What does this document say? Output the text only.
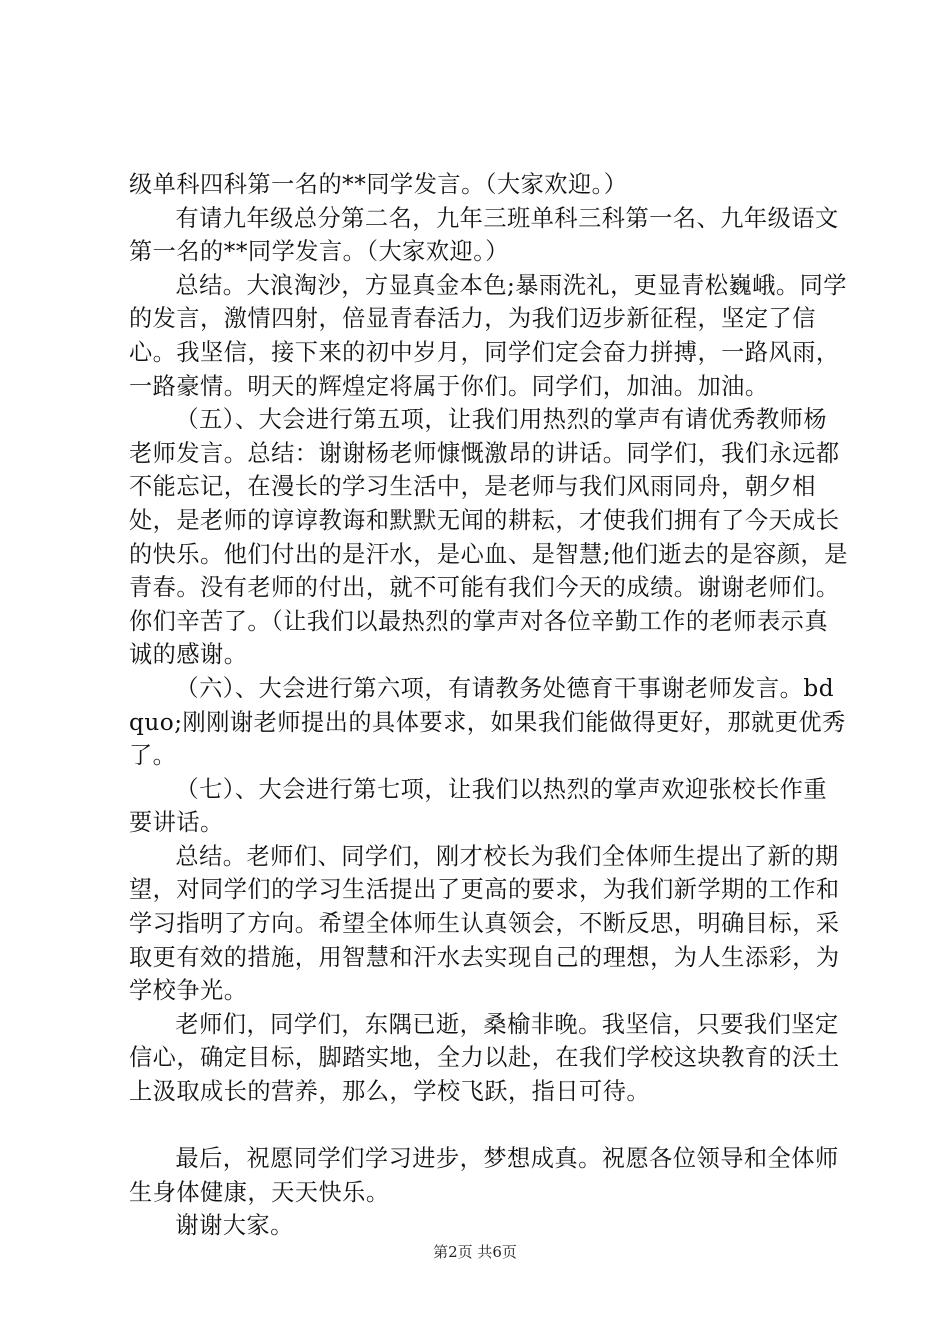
级单科四科第一名的**同学发言。（大家欢迎。）

有请九年级总分第二名，九年三班单科三科第一名、九年级语文第一名的**同学发言。（大家欢迎。）

总结。大浪淘沙，方显真金本色;暴雨洗礼，更显青松巍峨。同学的发言，激情四射，倍显青春活力，为我们迈步新征程，坚定了信心。我坚信，接下来的初中岁月，同学们定会奋力拼搏，一路风雨，一路豪情。明天的辉煌定将属于你们。同学们，加油。加油。

（五）、大会进行第五项，让我们用热烈的掌声有请优秀教师杨老师发言。总结：谢谢杨老师慷慨激昂的讲话。同学们，我们永远都不能忘记，在漫长的学习生活中，是老师与我们风雨同舟，朝夕相处，是老师的谆谆教诲和默默无闻的耕耘，才使我们拥有了今天成长的快乐。他们付出的是汗水，是心血、是智慧;他们逝去的是容颜，是青春。没有老师的付出，就不可能有我们今天的成绩。谢谢老师们。你们辛苦了。（让我们以最热烈的掌声对各位辛勤工作的老师表示真诚的感谢。

（六）、大会进行第六项，有请教务处德育干事谢老师发言。bdquo;刚刚谢老师提出的具体要求，如果我们能做得更好，那就更优秀了。

（七）、大会进行第七项，让我们以热烈的掌声欢迎张校长作重要讲话。

总结。老师们、同学们，刚才校长为我们全体师生提出了新的期望，对同学们的学习生活提出了更高的要求，为我们新学期的工作和学习指明了方向。希望全体师生认真领会，不断反思，明确目标，采取更有效的措施，用智慧和汗水去实现自己的理想，为人生添彩，为学校争光。

老师们，同学们，东隅已逝，桑榆非晚。我坚信，只要我们坚定信心，确定目标，脚踏实地，全力以赴，在我们学校这块教育的沃土上汲取成长的营养，那么，学校飞跃，指日可待。

最后，祝愿同学们学习进步，梦想成真。祝愿各位领导和全体师生身体健康，天天快乐。

谢谢大家。

第2页 共6页
